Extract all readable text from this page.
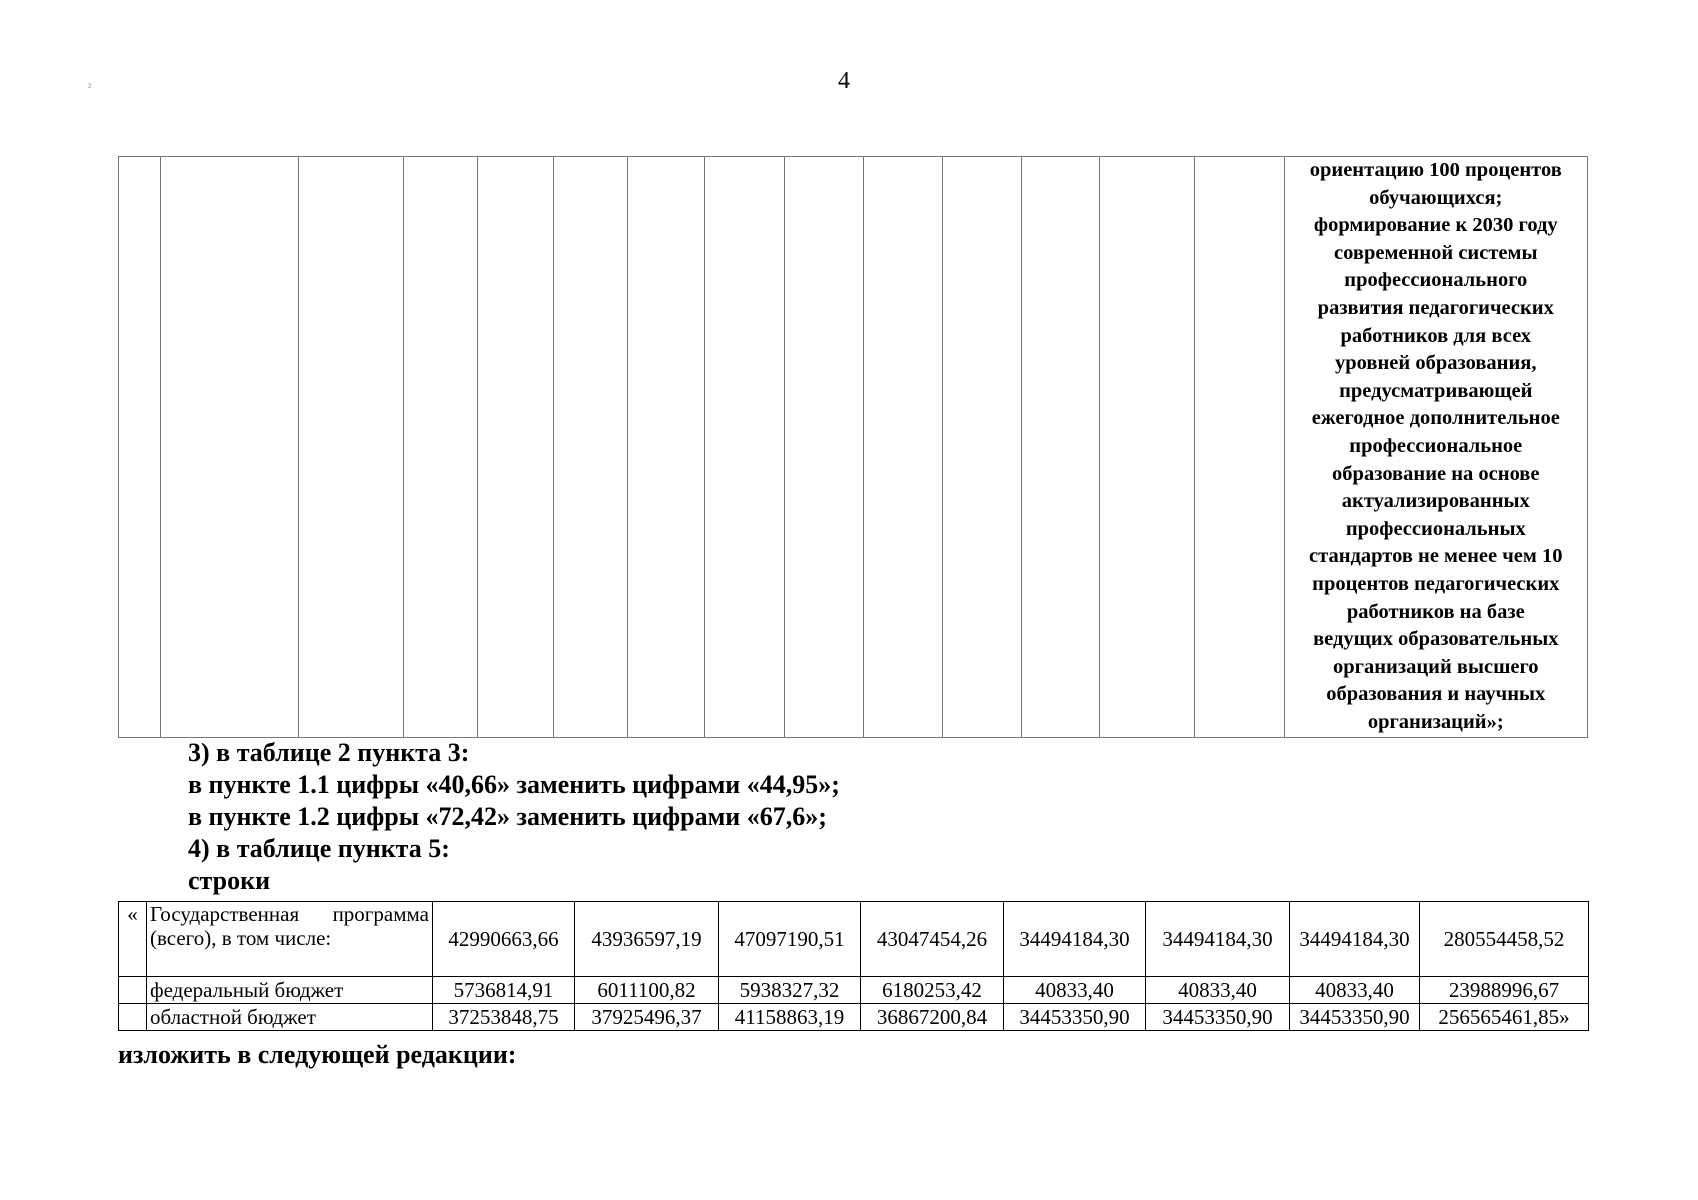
4
²
														ориентацию 100 процентов
обучающихся;
формирование к 2030 году
современной системы
профессионального
развития педагогических
работников для всех
уровней образования,
предусматривающей
ежегодное дополнительное
профессиональное
образование на основе
актуализированных
профессиональных
стандартов не менее чем 10
процентов педагогических
работников на базе
ведущих образовательных
организаций высшего
образования и научных
организаций»;
3) в таблице 2 пункта 3:
в пункте 1.1 цифры «40,66» заменить цифрами «44,95»;
в пункте 1.2 цифры «72,42» заменить цифрами «67,6»;
4) в таблице пункта 5:
строки
«	Государственная программа (всего), в том числе:	42990663,66	43936597,19	47097190,51	43047454,26	34494184,30	34494184,30	34494184,30	280554458,52
	федеральный бюджет	5736814,91	6011100,82	5938327,32	6180253,42	40833,40	40833,40	40833,40	23988996,67
	областной бюджет	37253848,75	37925496,37	41158863,19	36867200,84	34453350,90	34453350,90	34453350,90	256565461,85»
изложить в следующей редакции:
